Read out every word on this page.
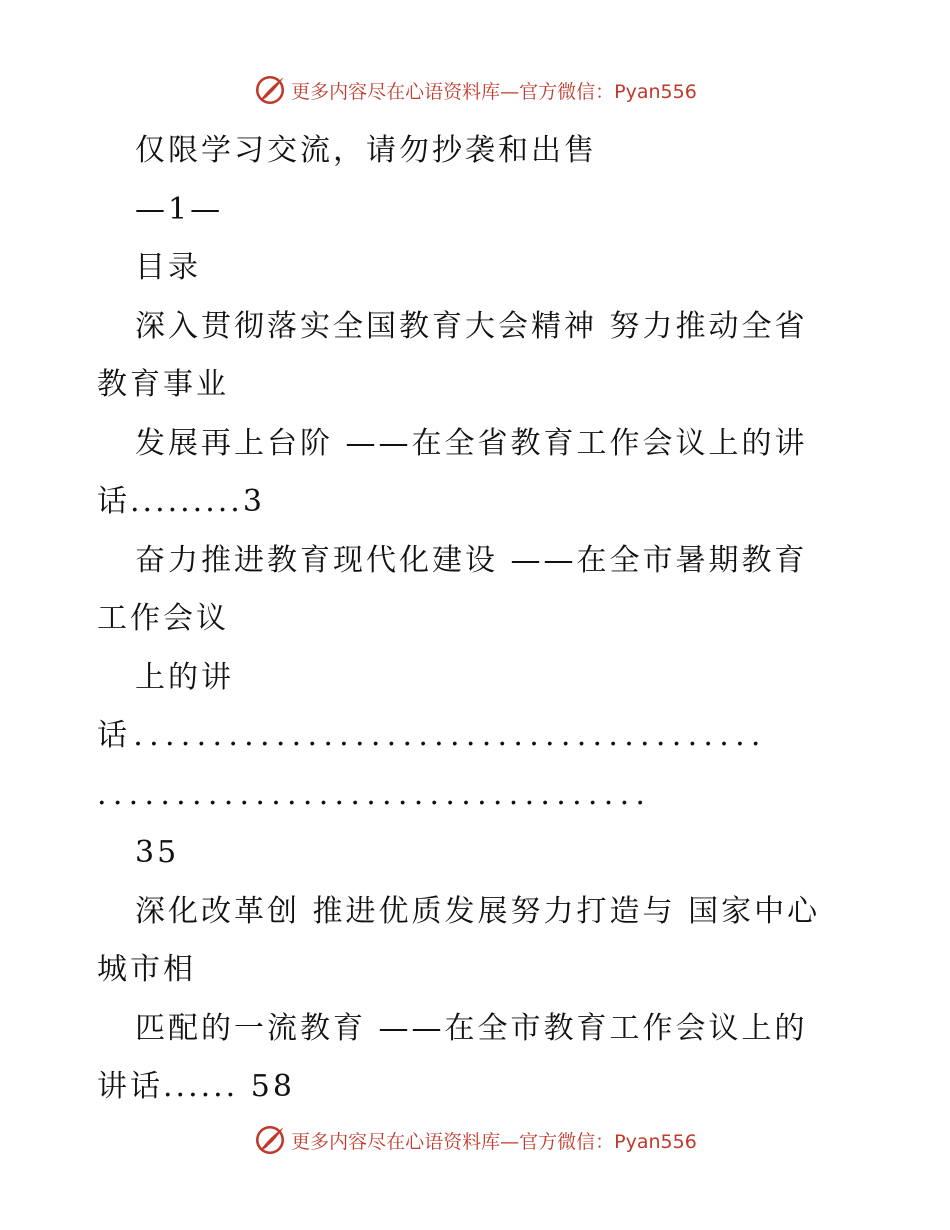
更多内容尽在心语资料库—官方微信：Pyan556
仅限学习交流，请勿抄袭和出售
—1—
目录
深入贯彻落实全国教育大会精神 努力推动全省
教育事业
发展再上台阶 ——在全省教育工作会议上的讲
话.........3
奋力推进教育现代化建设 ——在全市暑期教育
工作会议
上的讲
话........................................
...................................
35
深化改革创 推进优质发展努力打造与 国家中心
城市相
匹配的一流教育 ——在全市教育工作会议上的
讲话...... 58
更多内容尽在心语资料库—官方微信：Pyan556
